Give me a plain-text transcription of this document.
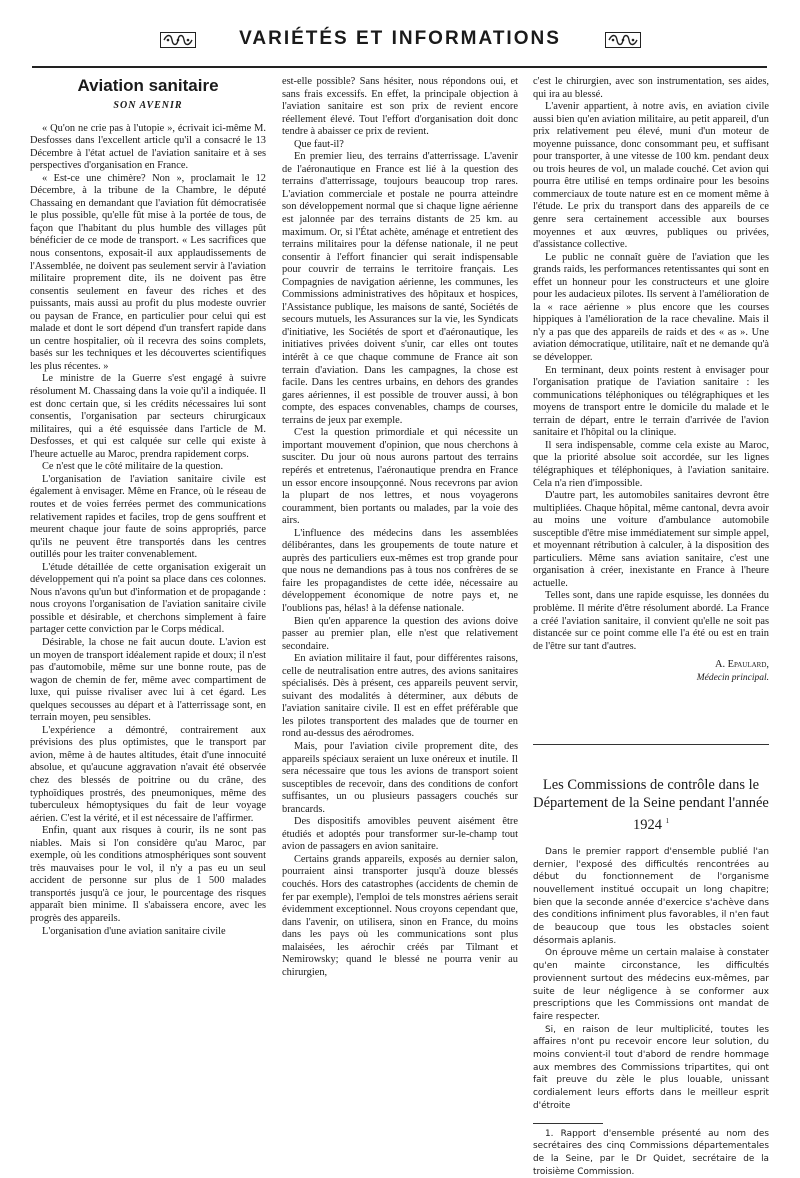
VARIÉTÉS ET INFORMATIONS
Aviation sanitaire
SON AVENIR

« Qu'on ne crie pas à l'utopie », écrivait ici-même M. Desfosses dans l'excellent article qu'il a consacré le 13 Décembre à l'état actuel de l'aviation sanitaire et à ses perspectives d'organisation en France.

« Est-ce une chimère? Non », proclamait le 12 Décembre, à la tribune de la Chambre, le député Chassaing en demandant que l'aviation fût démocratisée le plus possible, qu'elle fût mise à la portée de tous, de façon que l'habitant du plus humble des villages pût bénéficier de ce mode de transport. « Les sacrifices que nous consentons, exposait-il aux applaudissements de l'Assemblée, ne doivent pas seulement servir à l'aviation militaire proprement dite, ils ne doivent pas être consentis seulement en faveur des riches et des puissants, mais aussi au profit du plus modeste ouvrier ou paysan de France, en particulier pour celui qui est malade et dont le sort dépend d'un transfert rapide dans un centre hospitalier, où il recevra des soins complets, basés sur les techniques et les découvertes scientifiques les plus récentes. »

Le ministre de la Guerre s'est engagé à suivre résolument M. Chassaing dans la voie qu'il a indiquée. Il est donc certain que, si les crédits nécessaires lui sont consentis, l'organisation par secteurs chirurgicaux militaires, qui a été esquissée dans l'article de M. Desfosses, et qui est calquée sur celle qui existe à l'heure actuelle au Maroc, prendra rapidement corps.

Ce n'est que le côté militaire de la question.

L'organisation de l'aviation sanitaire civile est également à envisager. Même en France, où le réseau de routes et de voies ferrées permet des communications relativement rapides et faciles, trop de gens souffrent et meurent chaque jour faute de soins appropriés, parce qu'ils ne peuvent être transportés dans les centres outillés pour les traiter convenablement.

L'étude détaillée de cette organisation exigerait un développement qui n'a point sa place dans ces colonnes. Nous n'avons qu'un but d'information et de propagande : nous croyons l'organisation de l'aviation sanitaire civile possible et désirable, et cherchons simplement à faire partager cette conviction par le Corps médical.

Désirable, la chose ne fait aucun doute. L'avion est un moyen de transport idéalement rapide et doux; il n'est pas d'automobile, même sur une bonne route, pas de wagon de chemin de fer, même avec compartiment de luxe, qui puisse rivaliser avec lui à cet égard. Les quelques secousses au départ et à l'atterrissage sont, en terrain moyen, peu sensibles.

L'expérience a démontré, contrairement aux prévisions des plus optimistes, que le transport par avion, même à de hautes altitudes, était d'une innocuité absolue, et qu'aucune aggravation n'avait été observée chez des blessés de poitrine ou du crâne, des typhoïdiques prostrés, des pneumoniques, même des tuberculeux hémoptysiques du fait de leur voyage aérien. C'est la vérité, et il est nécessaire de l'affirmer.

Enfin, quant aux risques à courir, ils ne sont pas niables. Mais si l'on considère qu'au Maroc, par exemple, où les conditions atmosphériques sont souvent très mauvaises pour le vol, il n'y a pas eu un seul accident de personne sur plus de 1 500 malades transportés jusqu'à ce jour, le pourcentage des risques apparaît bien minime. Il s'abaissera encore, avec les progrès des appareils.

L'organisation d'une aviation sanitaire civile

est-elle possible? Sans hésiter, nous répondons oui, et sans frais excessifs. En effet, la principale objection à l'aviation sanitaire est son prix de revient encore réellement élevé. Tout l'effort d'organisation doit donc tendre à abaisser ce prix de revient.

Que faut-il?

En premier lieu, des terrains d'atterrissage. L'avenir de l'aéronautique en France est lié à la question des terrains d'atterrissage, toujours beaucoup trop rares. L'aviation commerciale et postale ne pourra atteindre son développement normal que si chaque ligne aérienne est jalonnée par des terrains distants de 25 km. au maximum. Or, si l'État achète, aménage et entretient des terrains militaires pour la défense nationale, il ne peut consentir à l'effort financier qui serait indispensable pour couvrir de terrains le territoire français. Les Compagnies de navigation aérienne, les communes, les Commissions administratives des hôpitaux et hospices, l'Assistance publique, les maisons de santé, Sociétés de secours mutuels, les Assurances sur la vie, les Syndicats d'initiative, les Sociétés de sport et d'aéronautique, les initiatives privées doivent s'unir, car elles ont toutes intérêt à ce que chaque commune de France ait son terrain d'aviation. Dans les campagnes, la chose est facile. Dans les centres urbains, en dehors des grandes gares aériennes, il est possible de trouver aussi, à bon compte, des espaces convenables, champs de courses, terrains de jeux par exemple.

C'est la question primordiale et qui nécessite un important mouvement d'opinion, que nous cherchons à susciter. Du jour où nous aurons partout des terrains repérés et entretenus, l'aéronautique prendra en France un essor encore insoupçonné. Nous recevrons par avion la plupart de nos lettres, et nous voyagerons couramment, bien portants ou malades, par la voie des airs.

L'influence des médecins dans les assemblées délibérantes, dans les groupements de toute nature et auprès des particuliers eux-mêmes est trop grande pour que nous ne demandions pas à tous nos confrères de se faire les propagandistes de cette idée, nécessaire au développement économique de notre pays et, ne l'oublions pas, hélas! à la défense nationale.

Bien qu'en apparence la question des avions doive passer au premier plan, elle n'est que relativement secondaire.

En aviation militaire il faut, pour différentes raisons, celle de neutralisation entre autres, des avions sanitaires spécialisés. Dès à présent, ces appareils peuvent servir, suivant des modalités à déterminer, aux débuts de l'aviation sanitaire civile. Il est en effet préférable que les pilotes transportent des malades que de tourner en rond au-dessus des aérodromes.

Mais, pour l'aviation civile proprement dite, des appareils spéciaux seraient un luxe onéreux et inutile. Il sera nécessaire que tous les avions de transport soient susceptibles de recevoir, dans des conditions de confort suffisantes, un ou plusieurs passagers couchés sur brancards.

Des dispositifs amovibles peuvent aisément être étudiés et adoptés pour transformer sur-le-champ tout avion de passagers en avion sanitaire.

Certains grands appareils, exposés au dernier salon, pourraient ainsi transporter jusqu'à douze blessés couchés. Hors des catastrophes (accidents de chemin de fer par exemple), l'emploi de tels monstres aériens serait évidemment exceptionnel. Nous croyons cependant que, dans l'avenir, on utilisera, sinon en France, du moins dans les pays où les communications sont plus malaisées, les aérochir créés par Tilmant et Nemirowsky; quand le blessé ne pourra venir au chirurgien,

c'est le chirurgien, avec son instrumentation, ses aides, qui ira au blessé.

L'avenir appartient, à notre avis, en aviation civile aussi bien qu'en aviation militaire, au petit appareil, d'un prix relativement peu élevé, muni d'un moteur de moyenne puissance, donc consommant peu, et suffisant pour transporter, à une vitesse de 100 km. pendant deux ou trois heures de vol, un malade couché. Cet avion qui pourra être utilisé en temps ordinaire pour les besoins commerciaux de toute nature est en ce moment même à l'étude. Le prix du transport dans des appareils de ce genre sera certainement accessible aux bourses moyennes et aux œuvres, publiques ou privées, d'assistance collective.

Le public ne connaît guère de l'aviation que les grands raids, les performances retentissantes qui sont en effet un honneur pour les constructeurs et une gloire pour les audacieux pilotes. Ils servent à l'amélioration de la « race aérienne » plus encore que les courses hippiques à l'amélioration de la race chevaline. Mais il n'y a pas que des appareils de raids et des « as ». Une aviation démocratique, utilitaire, naît et ne demande qu'à se développer.

En terminant, deux points restent à envisager pour l'organisation pratique de l'aviation sanitaire : les communications téléphoniques ou télégraphiques et les moyens de transport entre le domicile du malade et le terrain de départ, entre le terrain d'arrivée de l'avion sanitaire et l'hôpital ou la clinique.

Il sera indispensable, comme cela existe au Maroc, que la priorité absolue soit accordée, sur les lignes télégraphiques et téléphoniques, à l'aviation sanitaire. Cela n'a rien d'impossible.

D'autre part, les automobiles sanitaires devront être multipliées. Chaque hôpital, même cantonal, devra avoir au moins une voiture d'ambulance automobile susceptible d'être mise immédiatement sur simple appel, et moyennant rétribution à calculer, à la disposition des particuliers. Même sans aviation sanitaire, c'est une organisation à créer, inexistante en France à l'heure actuelle.

Telles sont, dans une rapide esquisse, les données du problème. Il mérite d'être résolument abordé. La France a créé l'aviation sanitaire, il convient qu'elle ne soit pas distancée sur ce point comme elle l'a été ou est en train de l'être sur tant d'autres.

A. Epaulard,
Médecin principal.
Les Commissions de contrôle dans le Département de la Seine pendant l'année 1924 $^1$

Dans le premier rapport d'ensemble publié l'an dernier, l'exposé des difficultés rencontrées au début du fonctionnement de l'organisme nouvellement institué occupait un long chapitre; bien que la seconde année d'exercice s'achève dans des conditions infiniment plus favorables, il n'en faut de beaucoup que tous les obstacles soient désormais aplanis.

On éprouve même un certain malaise à constater qu'en mainte circonstance, les difficultés proviennent surtout des médecins eux-mêmes, par suite de leur négligence à se conformer aux prescriptions que les Commissions ont mandat de faire respecter.

Si, en raison de leur multiplicité, toutes les affaires n'ont pu recevoir encore leur solution, du moins convient-il tout d'abord de rendre hommage aux membres des Commissions tripartites, qui ont fait preuve du zèle le plus louable, unissant cordialement leurs efforts dans le meilleur esprit d'étroite

1. Rapport d'ensemble présenté au nom des secrétaires des cinq Commissions départementales de la Seine, par le Dr Quidet, secrétaire de la troisième Commission.
